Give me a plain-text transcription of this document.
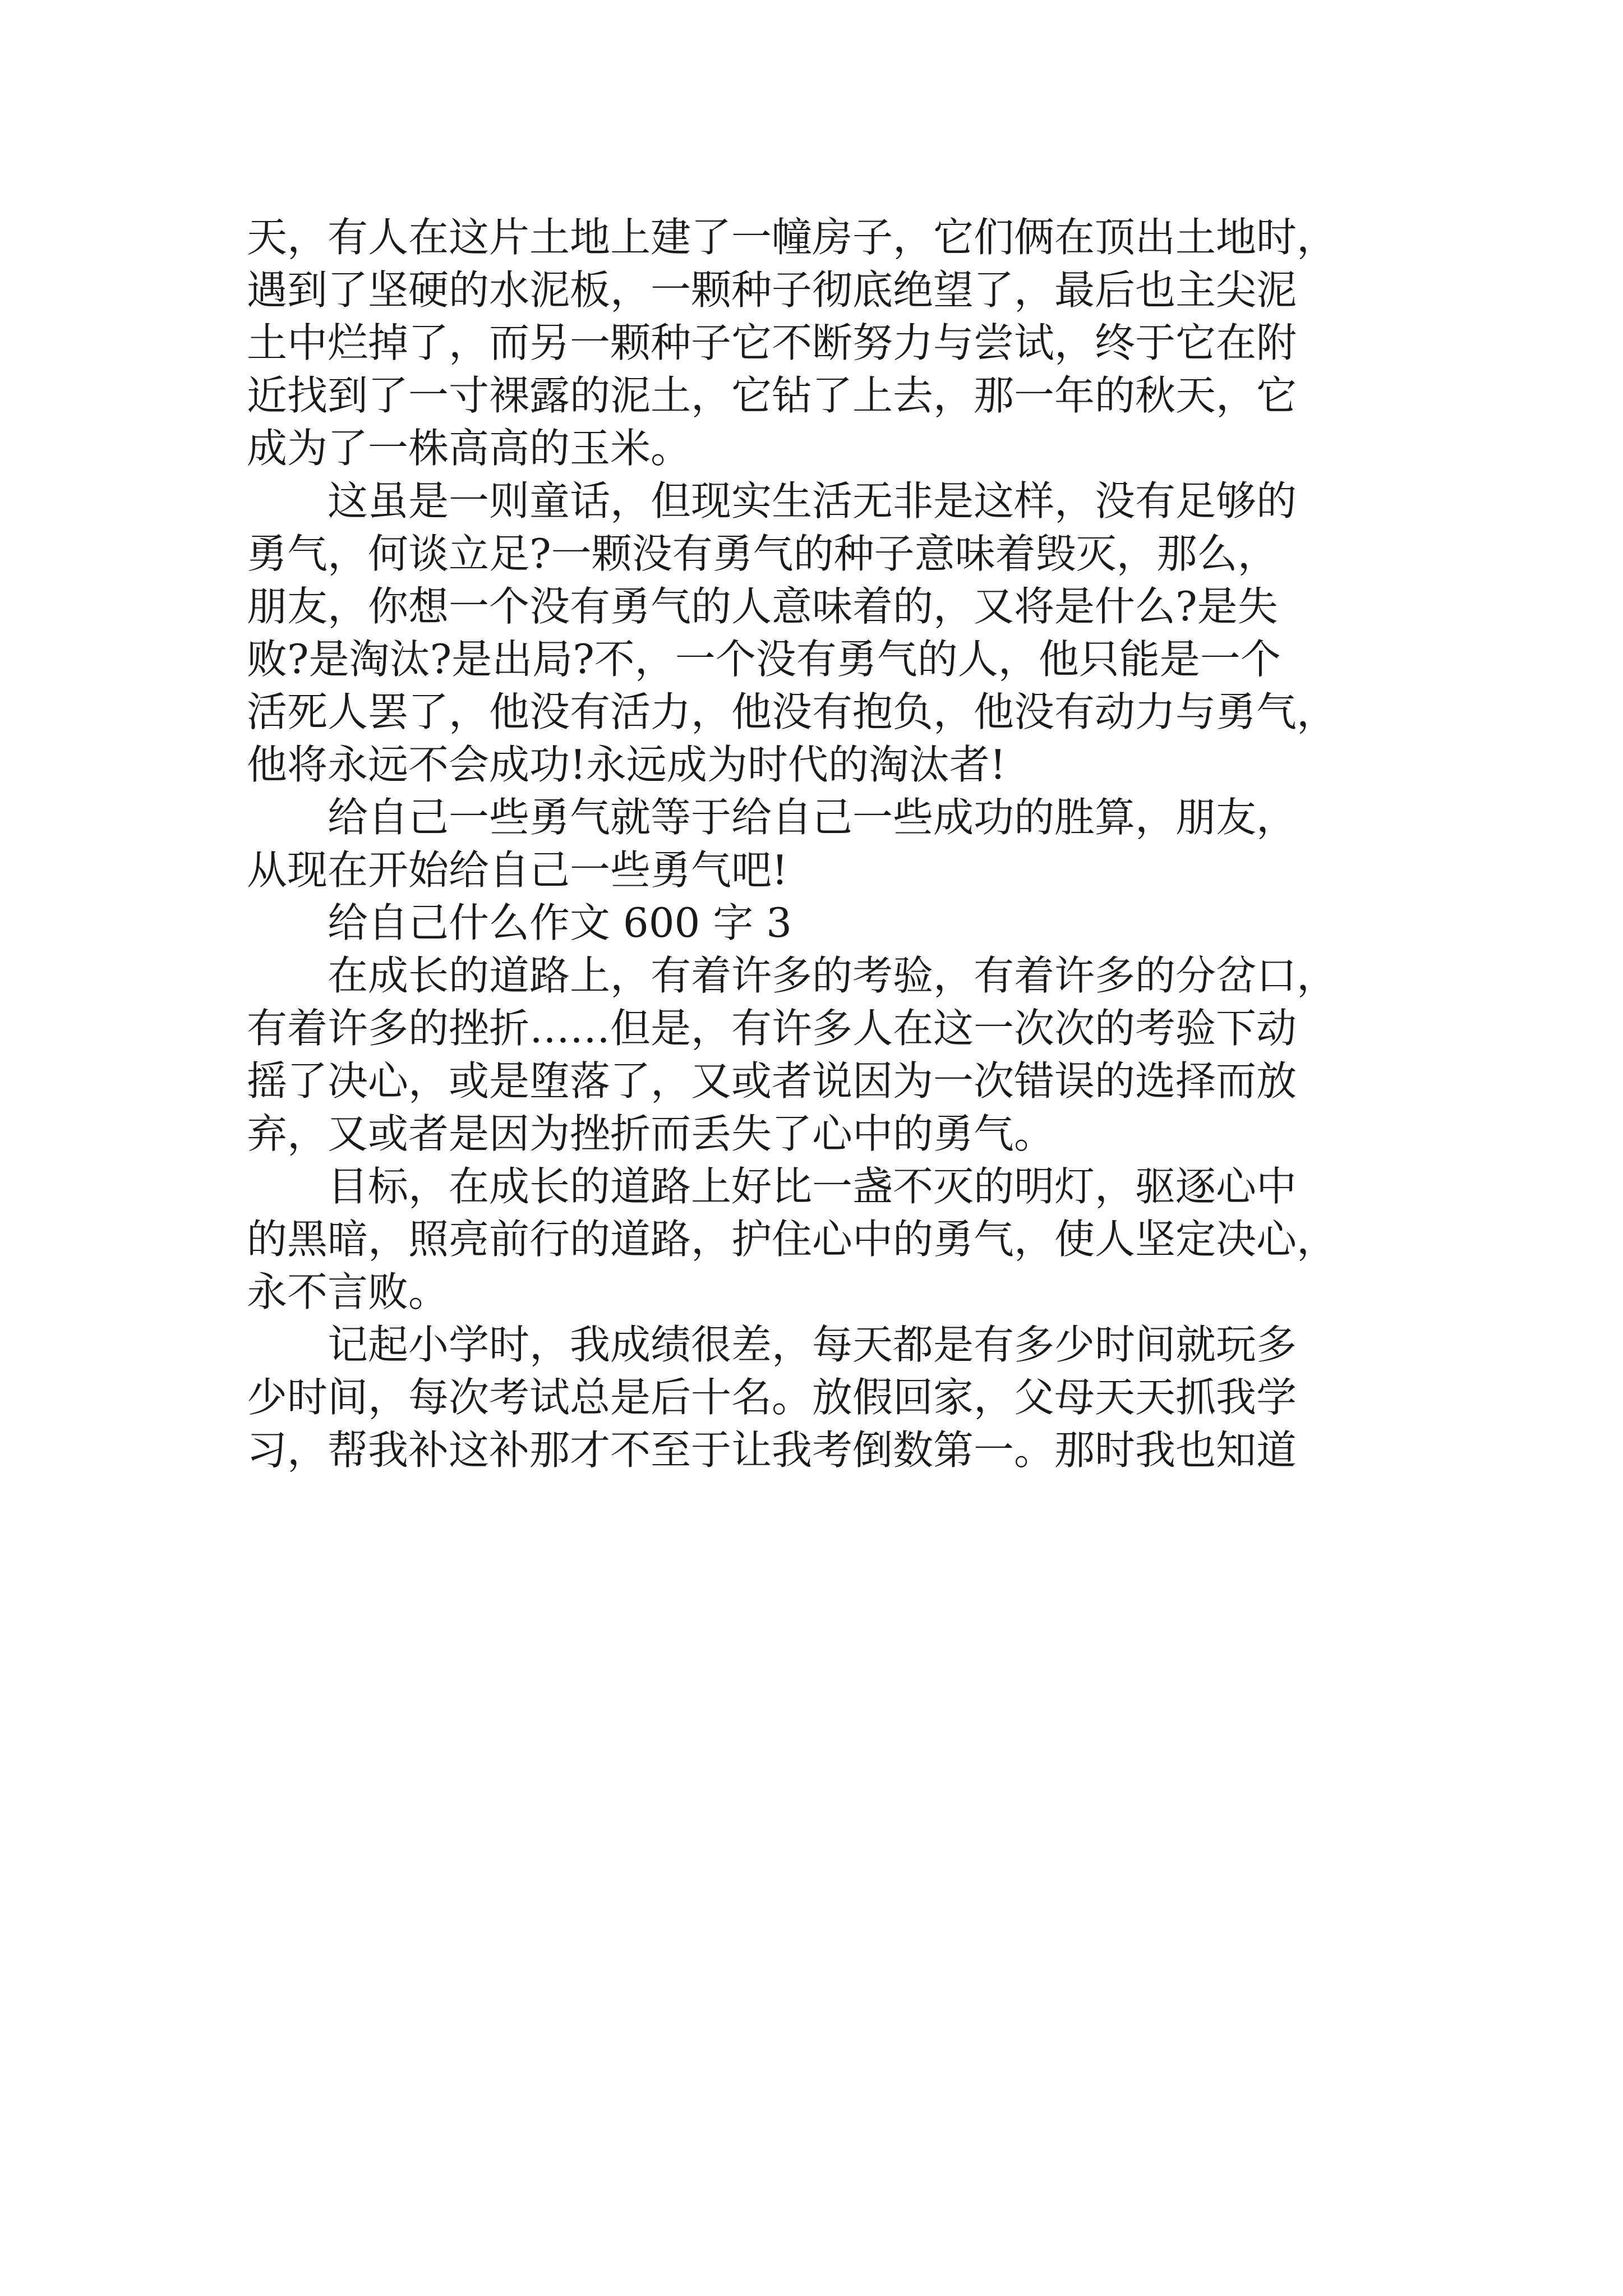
天，有人在这片土地上建了一幢房子，它们俩在顶出土地时，
遇到了坚硬的水泥板，一颗种子彻底绝望了，最后也主尖泥
土中烂掉了，而另一颗种子它不断努力与尝试，终于它在附
近找到了一寸裸露的泥土，它钻了上去，那一年的秋天，它
成为了一株高高的玉米。
　　这虽是一则童话，但现实生活无非是这样，没有足够的
勇气，何谈立足?一颗没有勇气的种子意味着毁灭，那么，
朋友，你想一个没有勇气的人意味着的，又将是什么?是失
败?是淘汰?是出局?不，一个没有勇气的人，他只能是一个
活死人罢了，他没有活力，他没有抱负，他没有动力与勇气，
他将永远不会成功!永远成为时代的淘汰者!
　　给自己一些勇气就等于给自己一些成功的胜算，朋友，
从现在开始给自己一些勇气吧!
　　给自己什么作文 600 字 3
　　在成长的道路上，有着许多的考验，有着许多的分岔口，
有着许多的挫折……但是，有许多人在这一次次的考验下动
摇了决心，或是堕落了，又或者说因为一次错误的选择而放
弃，又或者是因为挫折而丢失了心中的勇气。
　　目标，在成长的道路上好比一盏不灭的明灯，驱逐心中
的黑暗，照亮前行的道路，护住心中的勇气，使人坚定决心，
永不言败。
　　记起小学时，我成绩很差，每天都是有多少时间就玩多
少时间，每次考试总是后十名。放假回家，父母天天抓我学
习，帮我补这补那才不至于让我考倒数第一。那时我也知道
